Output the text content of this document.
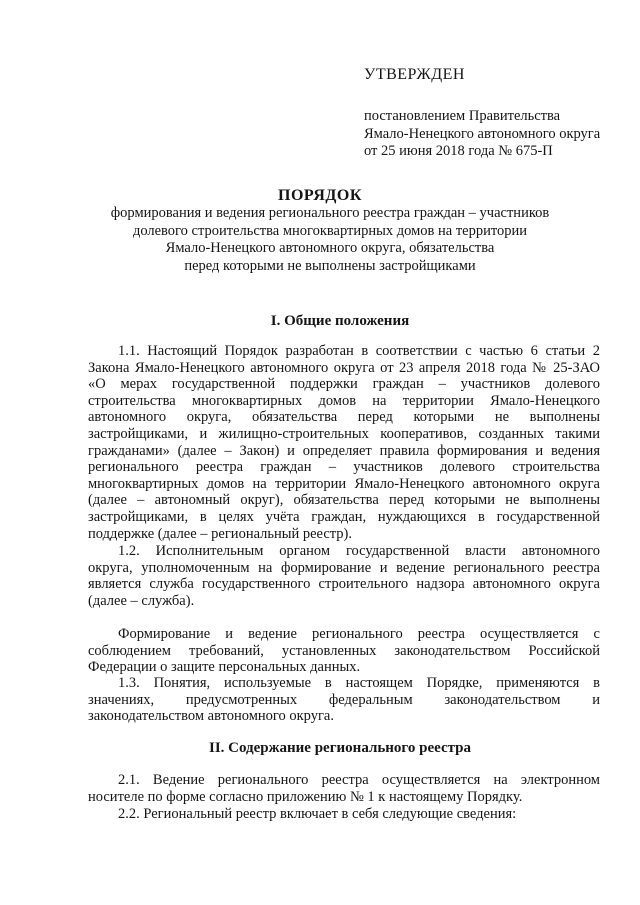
УТВЕРЖДЕН
постановлением Правительства
Ямало-Ненецкого автономного округа
от 25 июня 2018 года № 675-П
ПОРЯДОК
формирования и ведения регионального реестра граждан – участников
долевого строительства многоквартирных домов на территории
Ямало-Ненецкого автономного округа, обязательства
перед которыми не выполнены застройщиками
I. Общие положения
1.1. Настоящий Порядок разработан в соответствии с частью 6 статьи 2
Закона Ямало-Ненецкого автономного округа от 23 апреля 2018 года № 25-ЗАО
«О мерах государственной поддержки граждан – участников долевого
строительства многоквартирных домов на территории Ямало-Ненецкого
автономного округа, обязательства перед которыми не выполнены
застройщиками, и жилищно-строительных кооперативов, созданных такими
гражданами» (далее – Закон) и определяет правила формирования и ведения
регионального реестра граждан – участников долевого строительства
многоквартирных домов на территории Ямало-Ненецкого автономного округа
(далее – автономный округ), обязательства перед которыми не выполнены
застройщиками, в целях учёта граждан, нуждающихся в государственной
поддержке (далее – региональный реестр).
1.2. Исполнительным органом государственной власти автономного
округа, уполномоченным на формирование и ведение регионального реестра
является служба государственного строительного надзора автономного округа
(далее – служба).
Формирование и ведение регионального реестра осуществляется с
соблюдением требований, установленных законодательством Российской
Федерации о защите персональных данных.
1.3. Понятия, используемые в настоящем Порядке, применяются в
значениях, предусмотренных федеральным законодательством и
законодательством автономного округа.
II. Содержание регионального реестра
2.1. Ведение регионального реестра осуществляется на электронном
носителе по форме согласно приложению № 1 к настоящему Порядку.
2.2. Региональный реестр включает в себя следующие сведения:
